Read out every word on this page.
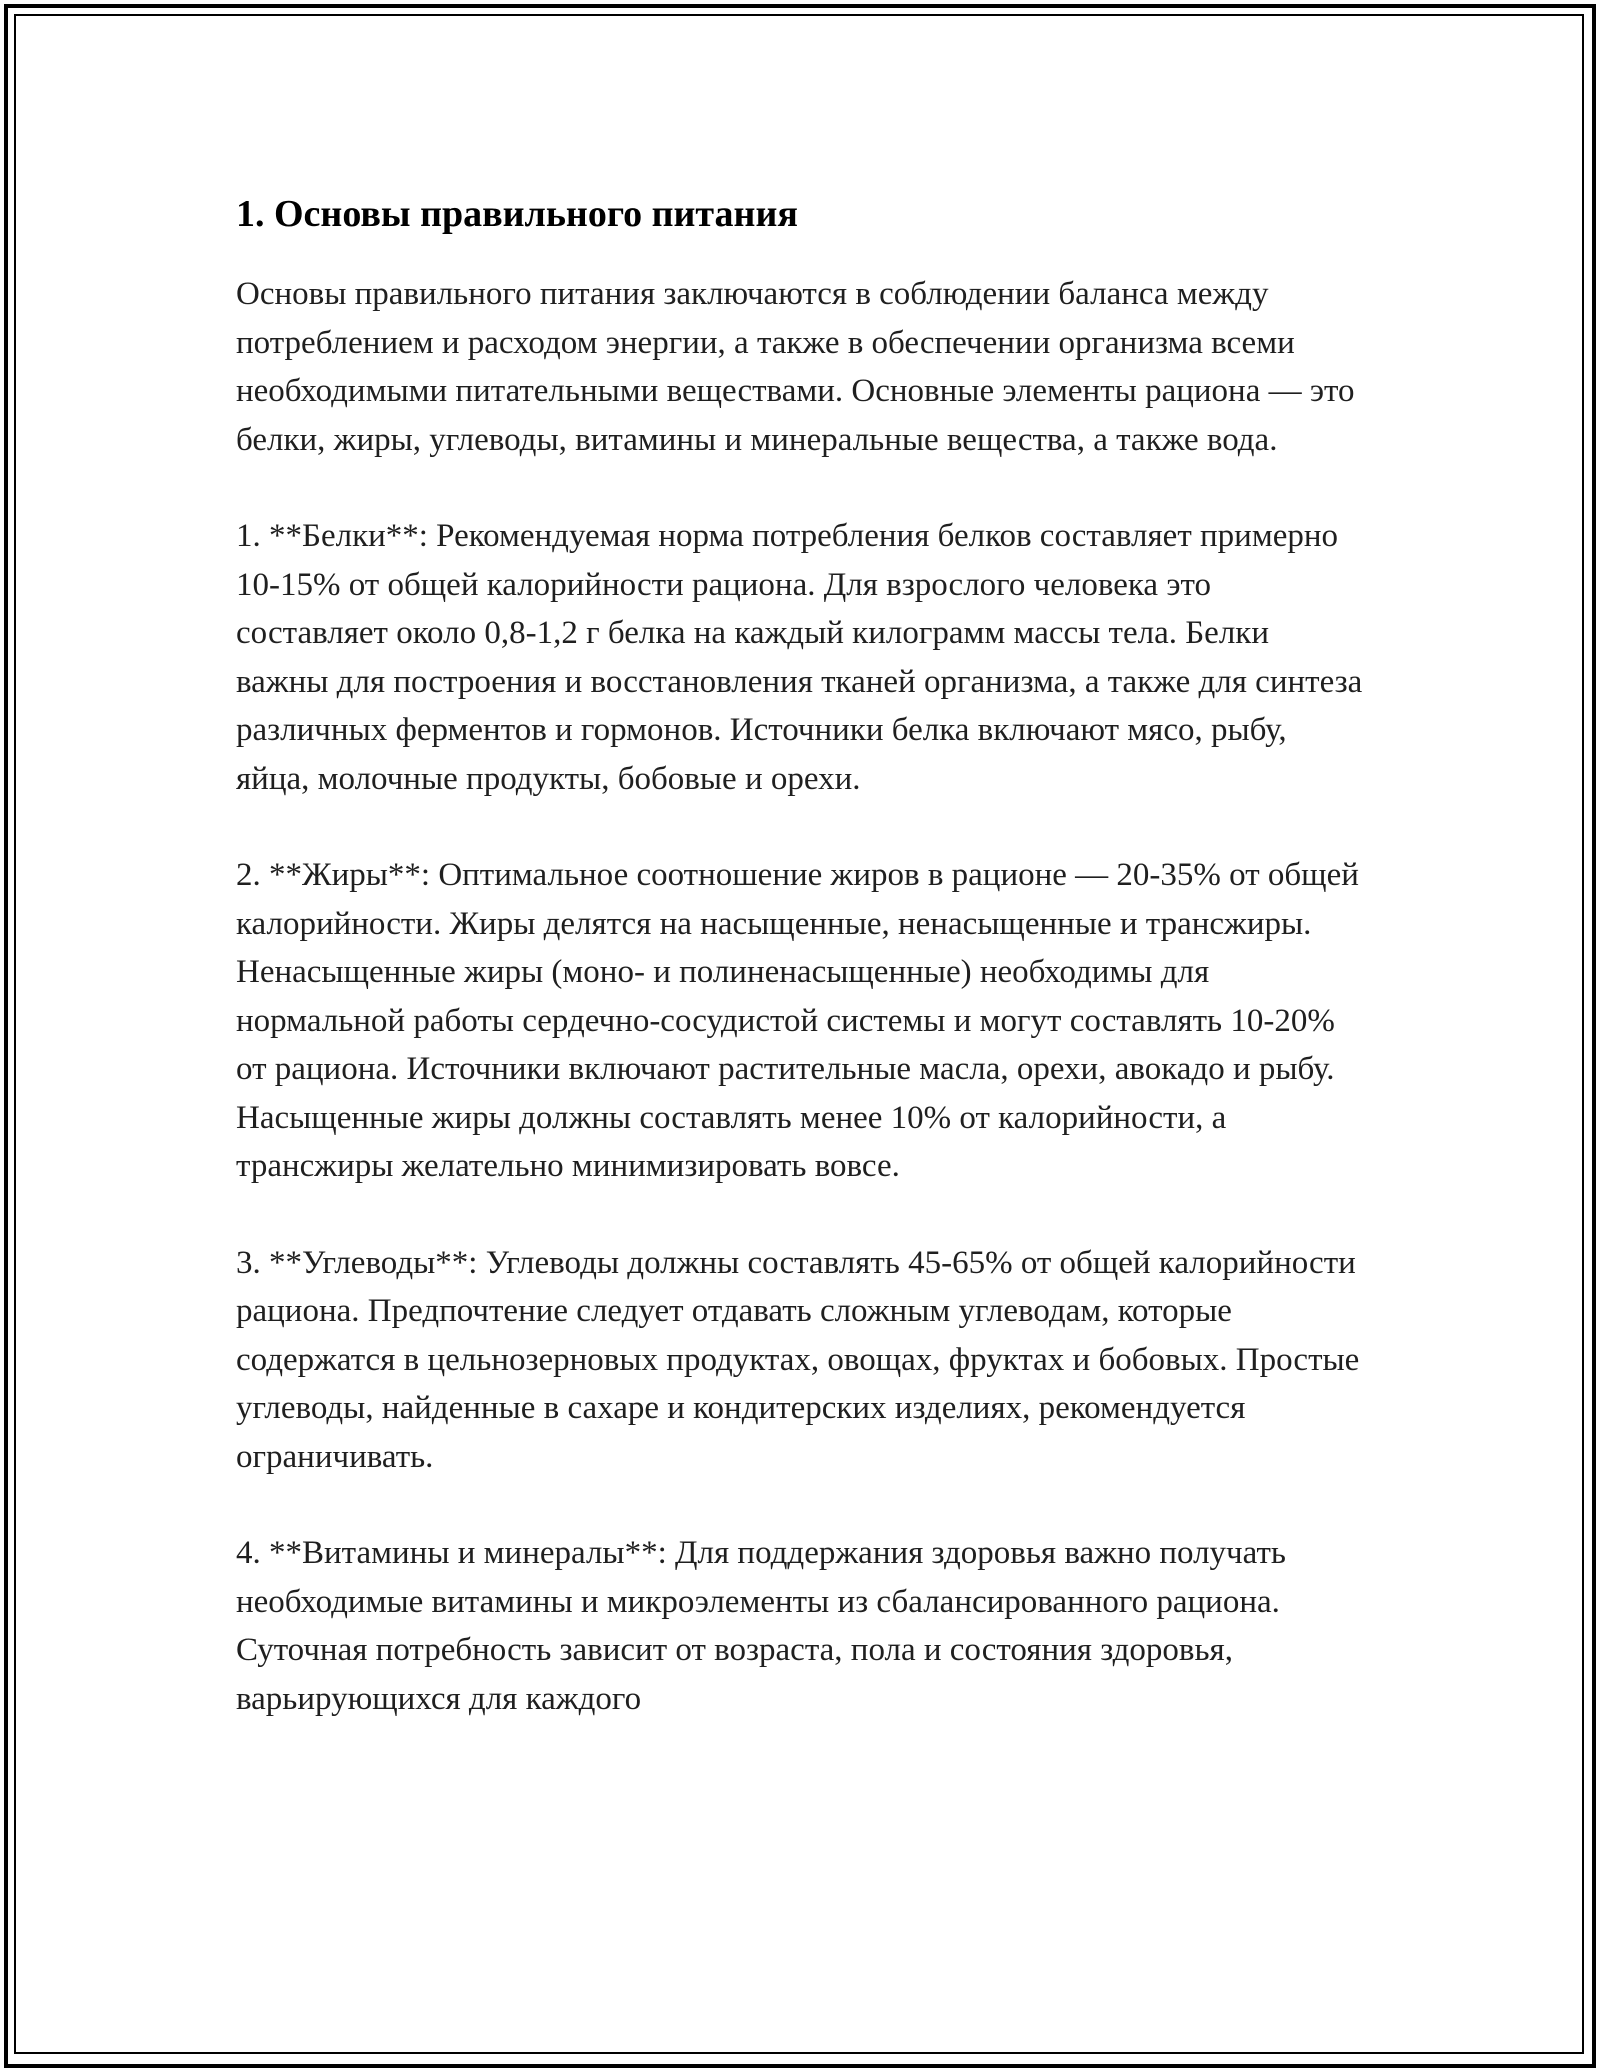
1. Основы правильного питания

Основы правильного питания заключаются в соблюдении баланса между потреблением и расходом энергии, а также в обеспечении организма всеми необходимыми питательными веществами. Основные элементы рациона — это белки, жиры, углеводы, витамины и минеральные вещества, а также вода.

1. **Белки**: Рекомендуемая норма потребления белков составляет примерно 10-15% от общей калорийности рациона. Для взрослого человека это составляет около 0,8-1,2 г белка на каждый килограмм массы тела. Белки важны для построения и восстановления тканей организма, а также для синтеза различных ферментов и гормонов. Источники белка включают мясо, рыбу, яйца, молочные продукты, бобовые и орехи.

2. **Жиры**: Оптимальное соотношение жиров в рационе — 20-35% от общей калорийности. Жиры делятся на насыщенные, ненасыщенные и трансжиры. Ненасыщенные жиры (моно- и полиненасыщенные) необходимы для нормальной работы сердечно-сосудистой системы и могут составлять 10-20% от рациона. Источники включают растительные масла, орехи, авокадо и рыбу. Насыщенные жиры должны составлять менее 10% от калорийности, а трансжиры желательно минимизировать вовсе.

3. **Углеводы**: Углеводы должны составлять 45-65% от общей калорийности рациона. Предпочтение следует отдавать сложным углеводам, которые содержатся в цельнозерновых продуктах, овощах, фруктах и бобовых. Простые углеводы, найденные в сахаре и кондитерских изделиях, рекомендуется ограничивать.

4. **Витамины и минералы**: Для поддержания здоровья важно получать необходимые витамины и микроэлементы из сбалансированного рациона. Суточная потребность зависит от возраста, пола и состояния здоровья, варьирующихся для каждого
